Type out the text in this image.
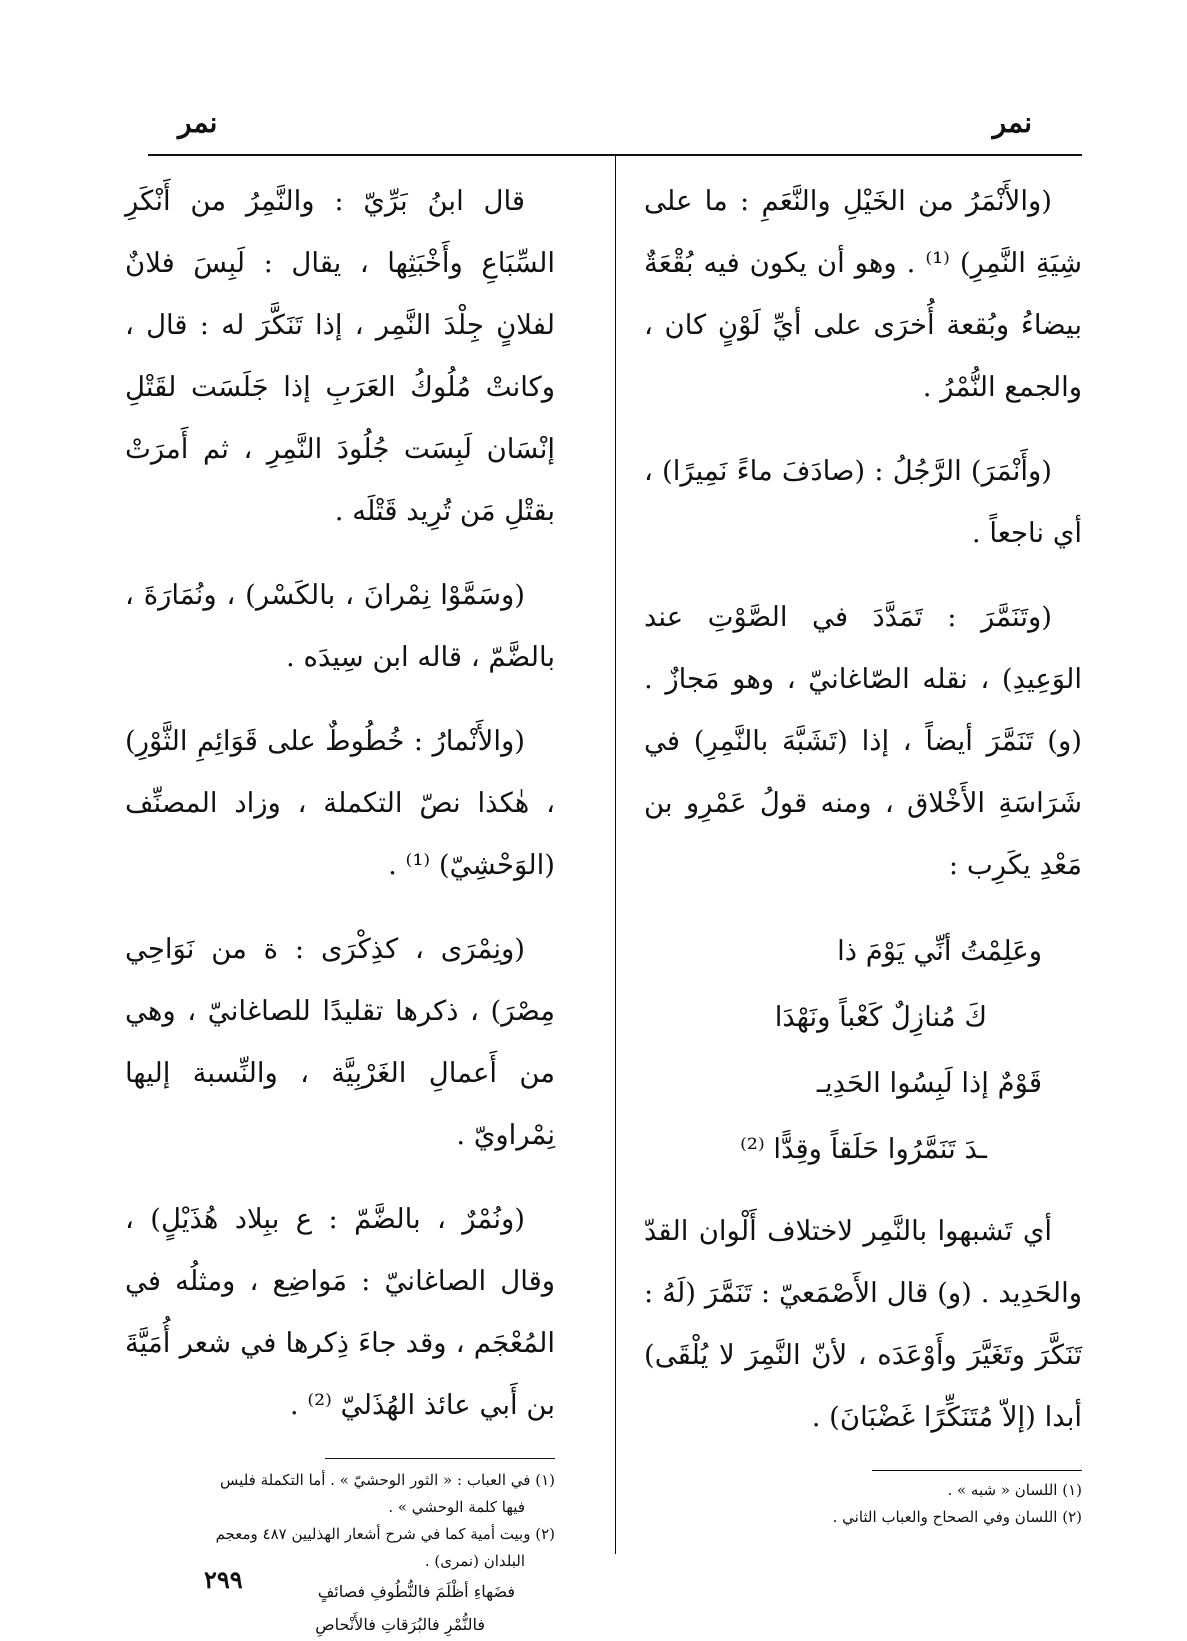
نمر
نمر

(والأَنْمَرُ من الخَيْلِ والنَّعَمِ : ما على شِيَةِ النَّمِرِ) ⁽¹⁾ . وهو أن يكون فيه بُقْعَةٌ بيضاءُ وبُقعة أُخرَى على أيِّ لَوْنٍ كان ، والجمع النُّمْرُ .

(وأَنْمَرَ) الرَّجُلُ : (صادَفَ ماءً نَمِيرًا) ، أي ناجعاً .

(وتَنَمَّرَ : تَمَدَّدَ في الصَّوْتِ عند الوَعِيدِ) ، نقله الصّاغانيّ ، وهو مَجازٌ . (و) تَنَمَّرَ أيضاً ، إذا (تَشَبَّهَ بالنَّمِرِ) في شَرَاسَةِ الأَخْلاق ، ومنه قولُ عَمْرِو بن مَعْدِ يكَرِب :

وعَلِمْتُ أنِّي يَوْمَ ذا
كَ مُنازِلٌ كَعْباً ونَهْدَا
قَوْمٌ إذا لَبِسُوا الحَدِيـ
ـدَ تَنَمَّرُوا حَلَقاً وقِدًّا ⁽²⁾

أي تَشبهوا بالنَّمِر لاختلاف أَلْوان القدّ والحَدِيد . (و) قال الأَصْمَعيّ : تَنَمَّرَ (لَهُ : تَنَكَّرَ وتَغَيَّرَ وأَوْعَدَه ، لأنّ النَّمِرَ لا يُلْقَى) أبدا (إلاّ مُتَنَكِّرًا غَضْبَانَ) .

(١) اللسان « شبه » .
(٢) اللسان وفي الصحاح والعباب الثاني .

قال ابنُ بَرِّيّ : والنَّمِرُ من أَنْكَرِ السِّبَاعِ وأَخْبَثِها ، يقال : لَبِسَ فلانٌ لفلانٍ جِلْدَ النَّمِر ، إذا تَنَكَّرَ له : قال ، وكانتْ مُلُوكُ العَرَبِ إذا جَلَسَت لقَتْلِ إنْسَان لَبِسَت جُلُودَ النَّمِرِ ، ثم أَمرَتْ بقتْلِ مَن تُرِيد قَتْلَه .

(وسَمَّوْا نِمْرانَ ، بالكَسْر) ، ونُمَارَةَ ، بالضَّمّ ، قاله ابن سِيدَه .

(والأَنْمارُ : خُطُوطٌ على قَوَائِمِ الثَّوْرِ) ، هٰكذا نصّ التكملة ، وزاد المصنِّف (الوَحْشِيّ) ⁽¹⁾ .

(ونِمْرَى ، كذِكْرَى : ة من نَوَاحِي مِصْرَ) ، ذكرها تقليدًا للصاغانيّ ، وهي من أَعمالِ الغَرْبِيَّة ، والنِّسبة إليها نِمْراويّ .

(ونُمْرٌ ، بالضَّمّ : ع ببِلاد هُذَيْلٍ) ، وقال الصاغانيّ : مَواضِع ، ومثلُه في المُعْجَم ، وقد جاءَ ذِكرها في شعر أُمَيَّةَ بن أَبي عائذ الهُذَليّ ⁽²⁾ .

(١) في العباب : « الثور الوحشيّ » . أما التكملة فليس
فيها كلمة الوحشي » .
(٢) وبيت أمية كما في شرح أشعار الهذليين ٤٨٧ ومعجم
البلدان (نمرى) .
فضَهاءِ أظْلَمَ فالنُّطُوفِ فصائفٍ
فالنُّمْرِ فالبُرَقاتِ فالأَنْحاصِ
٢٩٩
